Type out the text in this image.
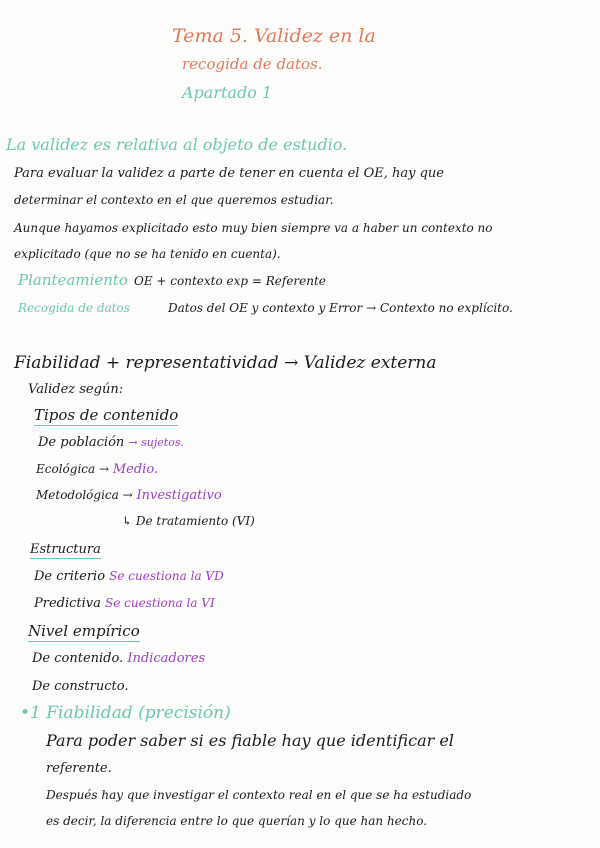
Tema 5. Validez en la
recogida de datos.
Apartado 1
La validez es relativa al objeto de estudio.
Para evaluar la validez a parte de tener en cuenta el OE, hay que
determinar el contexto en el que queremos estudiar.
Aunque hayamos explicitado esto muy bien siempre va a haber un contexto no
explicitado (que no se ha tenido en cuenta).
Planteamiento OE + contexto exp = Referente
Recogida de datos	Datos del OE y contexto y Error → Contexto no explícito.
Fiabilidad + representatividad → Validez externa
Validez según:
Tipos de contenido
De población → sujetos.
Ecológica → Medio.
Metodológica → Investigativo
↳ De tratamiento (VI)
Estructura
De criterio Se cuestiona la VD
Predictiva Se cuestiona la VI
Nivel empírico
De contenido. Indicadores
De constructo.
•1 Fiabilidad (precisión)
Para poder saber si es fiable hay que identificar el
referente.
Después hay que investigar el contexto real en el que se ha estudiado
es decir, la diferencia entre lo que querían y lo que han hecho.
